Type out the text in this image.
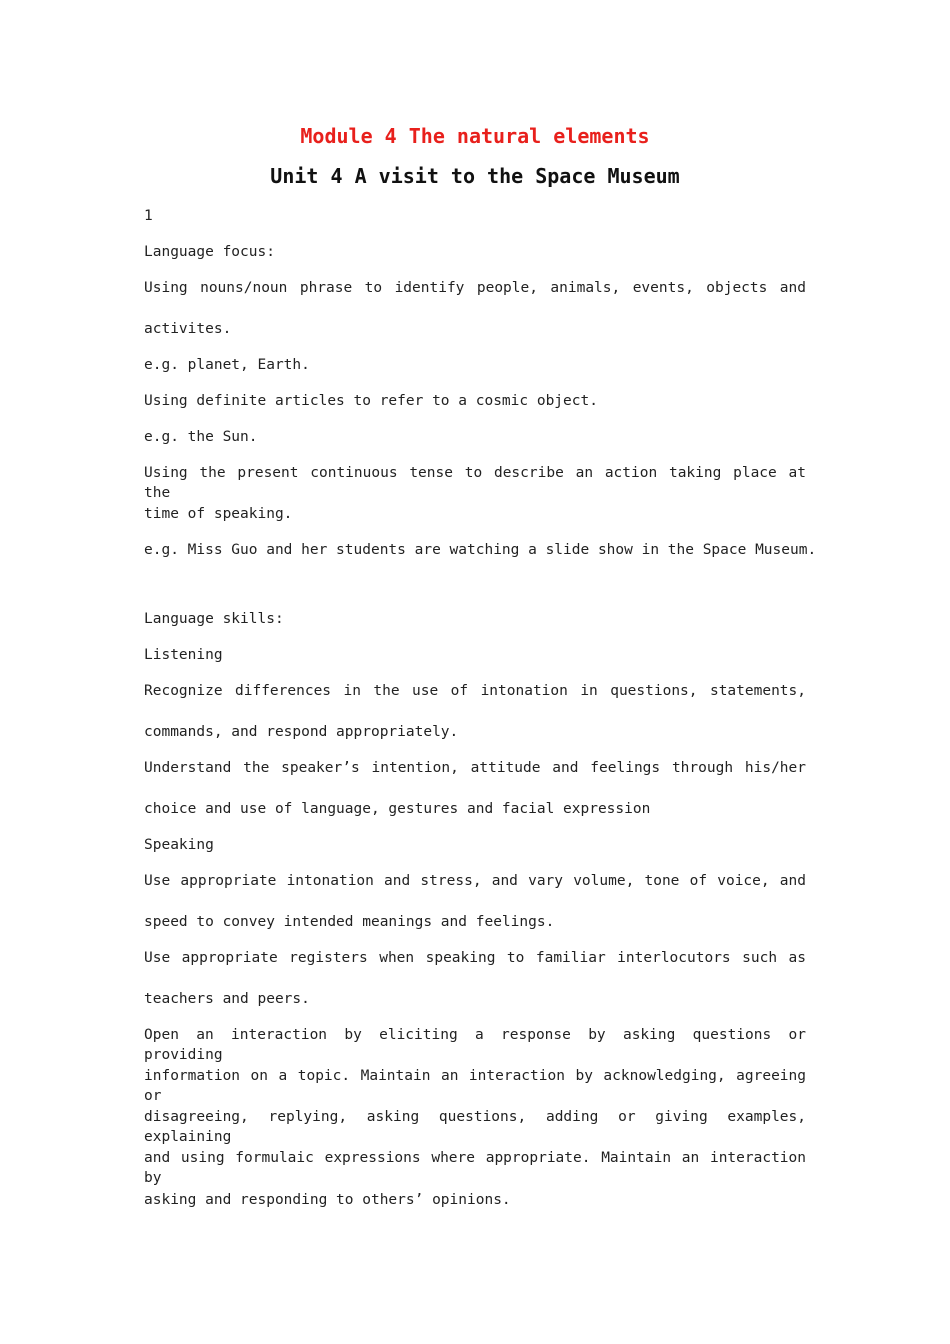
Module 4 The natural elements
Unit 4 A visit to the Space Museum

1

Language focus:

Using nouns/noun phrase to identify people, animals, events, objects and

activites.

e.g. planet, Earth.

Using definite articles to refer to a cosmic object.

e.g. the Sun.

Using the present continuous tense to describe an action taking place at the

time of speaking.

e.g. Miss Guo and her students are watching a slide show in the Space Museum.

Language skills:

Listening

Recognize differences in the use of intonation in questions, statements,

commands, and respond appropriately.

Understand the speaker’s intention, attitude and feelings through his/her

choice and use of language, gestures and facial expression

Speaking

Use appropriate intonation and stress, and vary volume, tone of voice, and

speed to convey intended meanings and feelings.

Use appropriate registers when speaking to familiar interlocutors such as

teachers and peers.

Open an interaction by eliciting a response by asking questions or providing

information on a topic. Maintain an interaction by acknowledging, agreeing or

disagreeing, replying, asking questions, adding or giving examples, explaining

and using formulaic expressions where appropriate. Maintain an interaction by

asking and responding to others’ opinions.
